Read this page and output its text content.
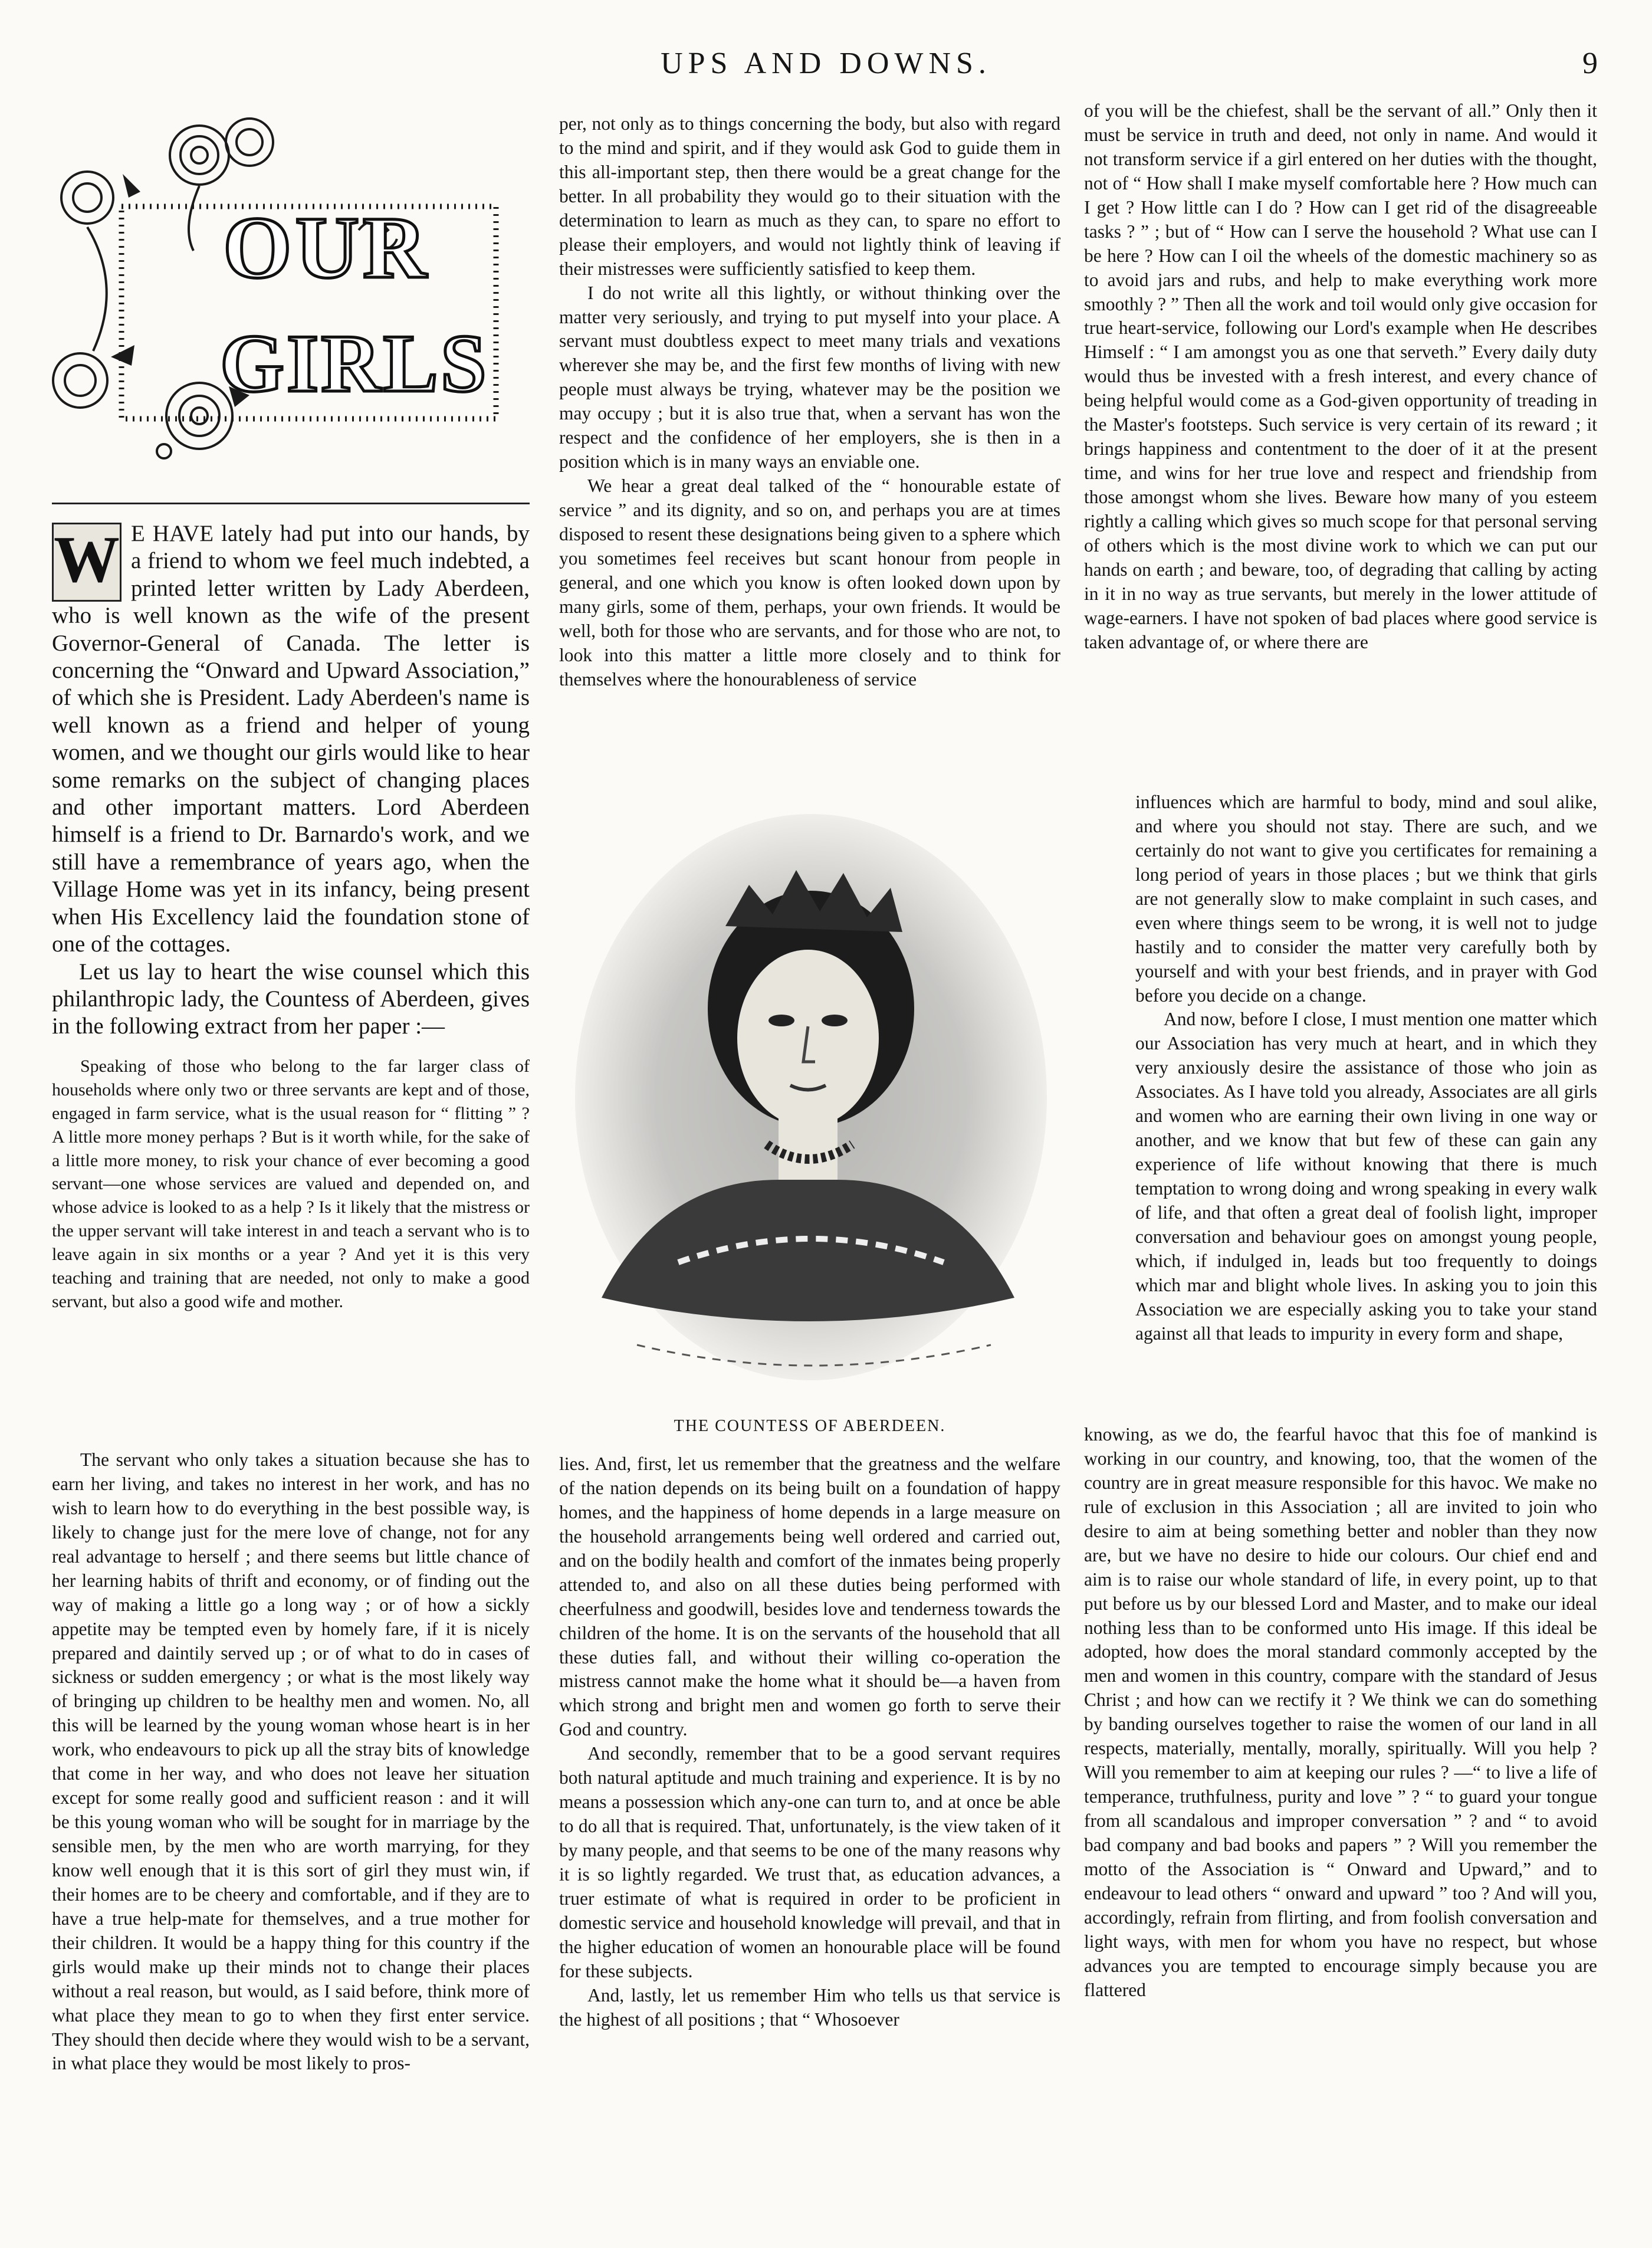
UPS AND DOWNS.	9
OUR
GIRLS
W E HAVE lately had put into our hands, by a friend to whom we feel much indebted, a printed letter written by Lady Aberdeen, who is well known as the wife of the present Governor-General of Canada. The letter is concerning the “Onward and Upward Association,” of which she is President. Lady Aberdeen's name is well known as a friend and helper of young women, and we thought our girls would like to hear some remarks on the subject of changing places and other important matters. Lord Aberdeen himself is a friend to Dr. Barnardo's work, and we still have a remembrance of years ago, when the Village Home was yet in its infancy, being present when His Excellency laid the foundation stone of one of the cottages.

Let us lay to heart the wise counsel which this philanthropic lady, the Countess of Aberdeen, gives in the following extract from her paper :—

Speaking of those who belong to the far larger class of households where only two or three servants are kept and of those, engaged in farm service, what is the usual reason for “ flitting ” ? A little more money perhaps ? But is it worth while, for the sake of a little more money, to risk your chance of ever becoming a good servant—one whose services are valued and depended on, and whose advice is looked to as a help ? Is it likely that the mistress or the upper servant will take interest in and teach a servant who is to leave again in six months or a year ? And yet it is this very teaching and training that are needed, not only to make a good servant, but also a good wife and mother.

The servant who only takes a situation because she has to earn her living, and takes no interest in her work, and has no wish to learn how to do everything in the best possible way, is likely to change just for the mere love of change, not for any real advantage to herself ; and there seems but little chance of her learning habits of thrift and economy, or of finding out the way of making a little go a long way ; or of how a sickly appetite may be tempted even by homely fare, if it is nicely prepared and daintily served up ; or of what to do in cases of sickness or sudden emergency ; or what is the most likely way of bringing up children to be healthy men and women. No, all this will be learned by the young woman whose heart is in her work, who endeavours to pick up all the stray bits of knowledge that come in her way, and who does not leave her situation except for some really good and sufficient reason : and it will be this young woman who will be sought for in marriage by the sensible men, by the men who are worth marrying, for they know well enough that it is this sort of girl they must win, if their homes are to be cheery and comfortable, and if they are to have a true help-mate for themselves, and a true mother for their children. It would be a happy thing for this country if the girls would make up their minds not to change their places without a real reason, but would, as I said before, think more of what place they mean to go to when they first enter service. They should then decide where they would wish to be a servant, in what place they would be most likely to pros-

per, not only as to things concerning the body, but also with regard to the mind and spirit, and if they would ask God to guide them in this all-important step, then there would be a great change for the better. In all probability they would go to their situation with the determination to learn as much as they can, to spare no effort to please their employers, and would not lightly think of leaving if their mistresses were sufficiently satisfied to keep them.

I do not write all this lightly, or without thinking over the matter very seriously, and trying to put myself into your place. A servant must doubtless expect to meet many trials and vexations wherever she may be, and the first few months of living with new people must always be trying, whatever may be the position we may occupy ; but it is also true that, when a servant has won the respect and the confidence of her employers, she is then in a position which is in many ways an enviable one.

We hear a great deal talked of the “ honourable estate of service ” and its dignity, and so on, and perhaps you are at times disposed to resent these designations being given to a sphere which you sometimes feel receives but scant honour from people in general, and one which you know is often looked down upon by many girls, some of them, perhaps, your own friends. It would be well, both for those who are servants, and for those who are not, to look into this matter a little more closely and to think for themselves where the honourableness of service

THE COUNTESS OF ABERDEEN.

lies. And, first, let us remember that the greatness and the welfare of the nation depends on its being built on a foundation of happy homes, and the happiness of home depends in a large measure on the household arrangements being well ordered and carried out, and on the bodily health and comfort of the inmates being properly attended to, and also on all these duties being performed with cheerfulness and goodwill, besides love and tenderness towards the children of the home. It is on the servants of the household that all these duties fall, and without their willing co-operation the mistress cannot make the home what it should be—a haven from which strong and bright men and women go forth to serve their God and country.

And secondly, remember that to be a good servant requires both natural aptitude and much training and experience. It is by no means a possession which any-one can turn to, and at once be able to do all that is required. That, unfortunately, is the view taken of it by many people, and that seems to be one of the many reasons why it is so lightly regarded. We trust that, as education advances, a truer estimate of what is required in order to be proficient in domestic service and household knowledge will prevail, and that in the higher education of women an honourable place will be found for these subjects.

And, lastly, let us remember Him who tells us that service is the highest of all positions ; that “ Whosoever

of you will be the chiefest, shall be the servant of all.” Only then it must be service in truth and deed, not only in name. And would it not transform service if a girl entered on her duties with the thought, not of “ How shall I make myself comfortable here ? How much can I get ? How little can I do ? How can I get rid of the disagreeable tasks ? ” ; but of “ How can I serve the household ? What use can I be here ? How can I oil the wheels of the domestic machinery so as to avoid jars and rubs, and help to make everything work more smoothly ? ” Then all the work and toil would only give occasion for true heart-service, following our Lord's example when He describes Himself : “ I am amongst you as one that serveth.” Every daily duty would thus be invested with a fresh interest, and every chance of being helpful would come as a God-given opportunity of treading in the Master's footsteps. Such service is very certain of its reward ; it brings happiness and contentment to the doer of it at the present time, and wins for her true love and respect and friendship from those amongst whom she lives. Beware how many of you esteem rightly a calling which gives so much scope for that personal serving of others which is the most divine work to which we can put our hands on earth ; and beware, too, of degrading that calling by acting in it in no way as true servants, but merely in the lower attitude of wage-earners. I have not spoken of bad places where good service is taken advantage of, or where there are

influences which are harmful to body, mind and soul alike, and where you should not stay. There are such, and we certainly do not want to give you certificates for remaining a long period of years in those places ; but we think that girls are not generally slow to make complaint in such cases, and even where things seem to be wrong, it is well not to judge hastily and to consider the matter very carefully both by yourself and with your best friends, and in prayer with God before you decide on a change.

And now, before I close, I must mention one matter which our Association has very much at heart, and in which they very anxiously desire the assistance of those who join as Associates. As I have told you already, Associates are all girls and women who are earning their own living in one way or another, and we know that but few of these can gain any experience of life without knowing that there is much temptation to wrong doing and wrong speaking in every walk of life, and that often a great deal of foolish light, improper conversation and behaviour goes on amongst young people, which, if indulged in, leads but too frequently to doings which mar and blight whole lives. In asking you to join this Association we are especially asking you to take your stand against all that leads to impurity in every form and shape,

knowing, as we do, the fearful havoc that this foe of mankind is working in our country, and knowing, too, that the women of the country are in great measure responsible for this havoc. We make no rule of exclusion in this Association ; all are invited to join who desire to aim at being something better and nobler than they now are, but we have no desire to hide our colours. Our chief end and aim is to raise our whole standard of life, in every point, up to that put before us by our blessed Lord and Master, and to make our ideal nothing less than to be conformed unto His image. If this ideal be adopted, how does the moral standard commonly accepted by the men and women in this country, compare with the standard of Jesus Christ ; and how can we rectify it ? We think we can do something by banding ourselves together to raise the women of our land in all respects, materially, mentally, morally, spiritually. Will you help ? Will you remember to aim at keeping our rules ? —“ to live a life of temperance, truthfulness, purity and love ” ? “ to guard your tongue from all scandalous and improper conversation ” ? and “ to avoid bad company and bad books and papers ” ? Will you remember the motto of the Association is “ Onward and Upward,” and to endeavour to lead others “ onward and upward ” too ? And will you, accordingly, refrain from flirting, and from foolish conversation and light ways, with men for whom you have no respect, but whose advances you are tempted to encourage simply because you are flattered
